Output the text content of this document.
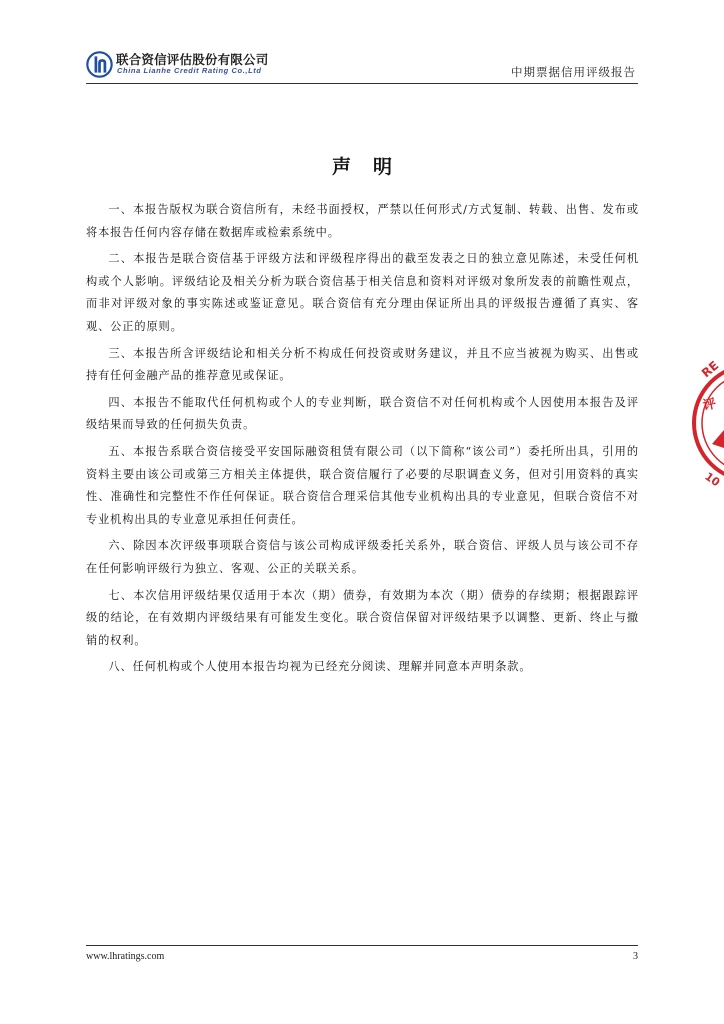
联合资信评估股份有限公司
China Lianhe Credit Rating Co.,Ltd	中期票据信用评级报告
声明

一、本报告版权为联合资信所有，未经书面授权，严禁以任何形式/方式复制、转载、出售、发布或将本报告任何内容存储在数据库或检索系统中。

二、本报告是联合资信基于评级方法和评级程序得出的截至发表之日的独立意见陈述，未受任何机构或个人影响。评级结论及相关分析为联合资信基于相关信息和资料对评级对象所发表的前瞻性观点，而非对评级对象的事实陈述或鉴证意见。联合资信有充分理由保证所出具的评级报告遵循了真实、客观、公正的原则。

三、本报告所含评级结论和相关分析不构成任何投资或财务建议，并且不应当被视为购买、出售或持有任何金融产品的推荐意见或保证。

四、本报告不能取代任何机构或个人的专业判断，联合资信不对任何机构或个人因使用本报告及评级结果而导致的任何损失负责。

五、本报告系联合资信接受平安国际融资租赁有限公司（以下简称“该公司”）委托所出具，引用的资料主要由该公司或第三方相关主体提供，联合资信履行了必要的尽职调查义务，但对引用资料的真实性、准确性和完整性不作任何保证。联合资信合理采信其他专业机构出具的专业意见，但联合资信不对专业机构出具的专业意见承担任何责任。

六、除因本次评级事项联合资信与该公司构成评级委托关系外，联合资信、评级人员与该公司不存在任何影响评级行为独立、客观、公正的关联关系。

七、本次信用评级结果仅适用于本次（期）债券，有效期为本次（期）债券的存续期；根据跟踪评级的结论，在有效期内评级结果有可能发生变化。联合资信保留对评级结果予以调整、更新、终止与撤销的权利。

八、任何机构或个人使用本报告均视为已经充分阅读、理解并同意本声明条款。

RE
评
10
www.lhratings.com	3
